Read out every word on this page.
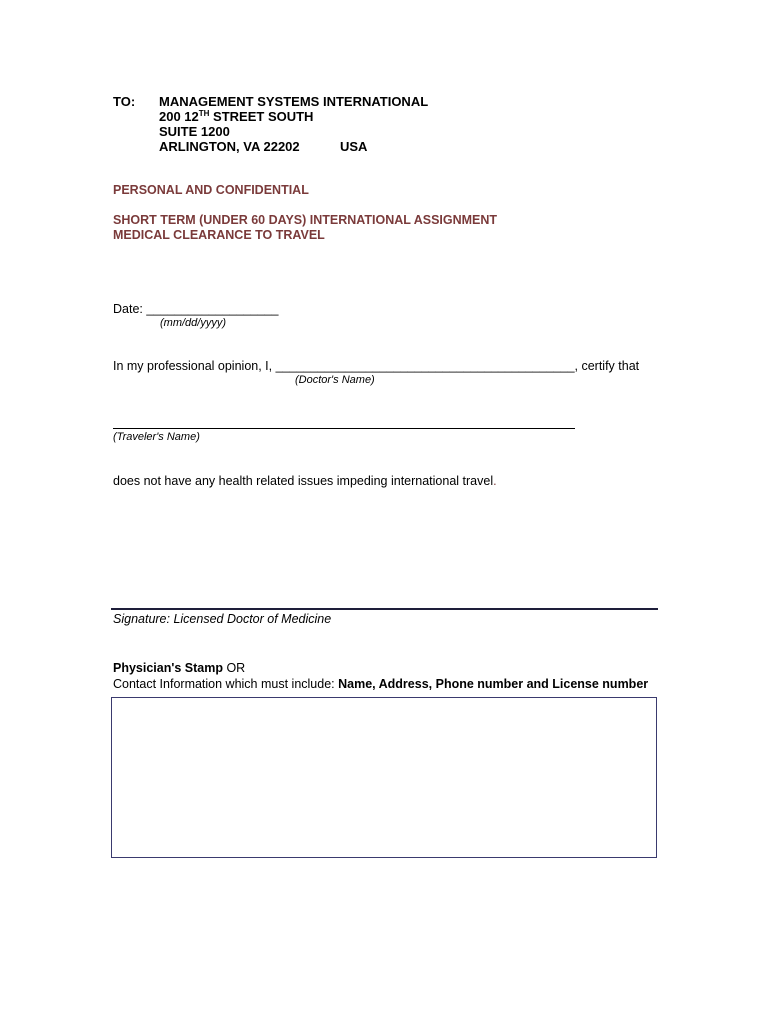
TO: MANAGEMENT SYSTEMS INTERNATIONAL
200 12TH STREET SOUTH
SUITE 1200
ARLINGTON, VA 22202	USA
PERSONAL AND CONFIDENTIAL
SHORT TERM (UNDER 60 DAYS) INTERNATIONAL ASSIGNMENT
MEDICAL CLEARANCE TO TRAVEL
Date: ___________________
(mm/dd/yyyy)
In my professional opinion, I, ___________________________________________, certify that
(Doctor's Name)
(Traveler's Name)
does not have any health related issues impeding international travel.
Signature: Licensed Doctor of Medicine
Physician's Stamp OR
Contact Information which must include: Name, Address, Phone number and License number
